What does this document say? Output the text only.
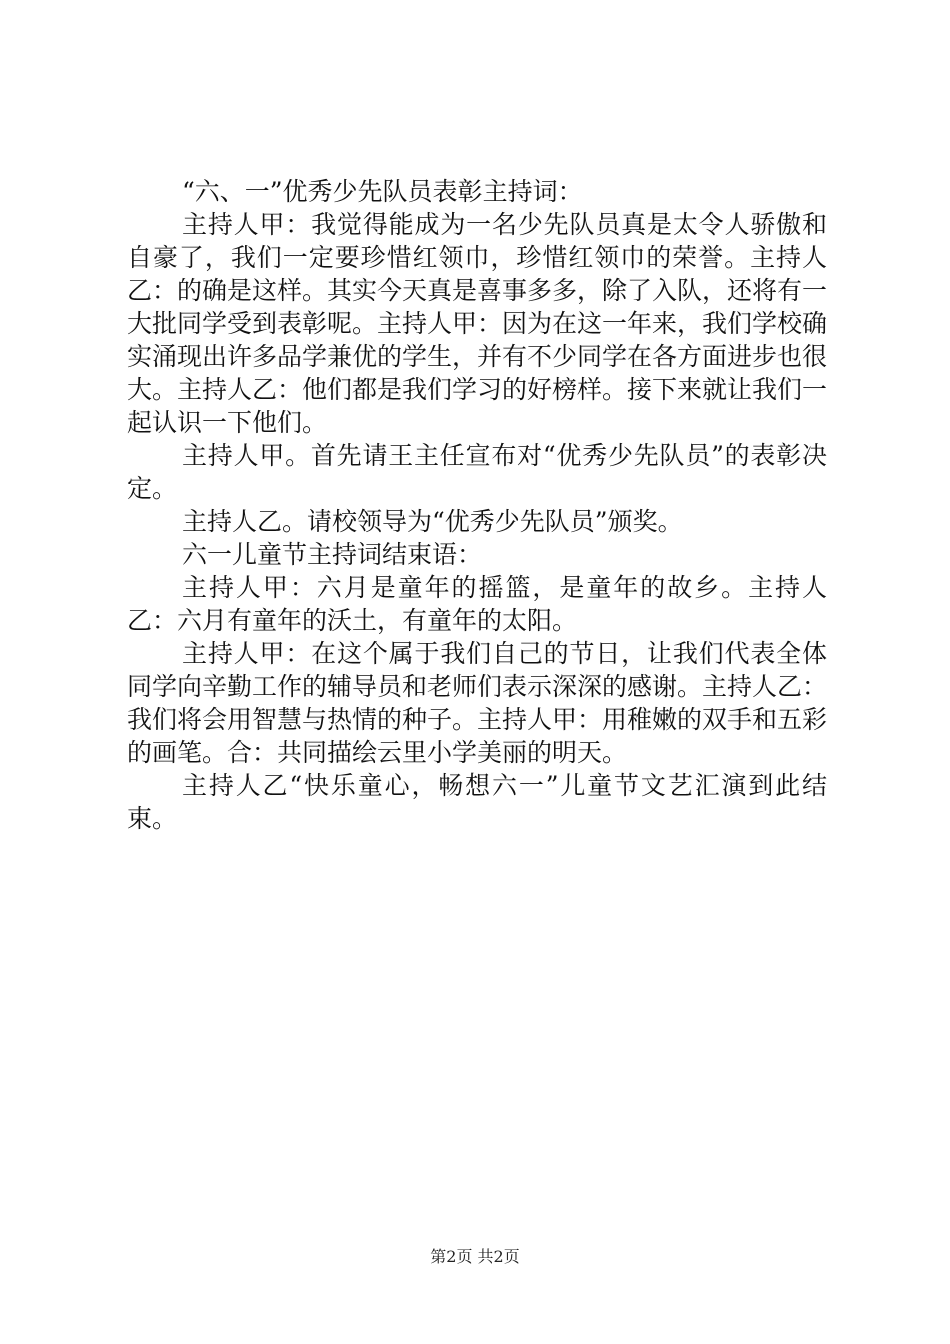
“六、一”优秀少先队员表彰主持词：

主持人甲：我觉得能成为一名少先队员真是太令人骄傲和自豪了，我们一定要珍惜红领巾，珍惜红领巾的荣誉。主持人乙：的确是这样。其实今天真是喜事多多，除了入队，还将有一大批同学受到表彰呢。主持人甲：因为在这一年来，我们学校确实涌现出许多品学兼优的学生，并有不少同学在各方面进步也很大。主持人乙：他们都是我们学习的好榜样。接下来就让我们一起认识一下他们。

主持人甲。首先请王主任宣布对“优秀少先队员”的表彰决定。

主持人乙。请校领导为“优秀少先队员”颁奖。

六一儿童节主持词结束语：

主持人甲：六月是童年的摇篮，是童年的故乡。主持人乙：六月有童年的沃土，有童年的太阳。

主持人甲：在这个属于我们自己的节日，让我们代表全体同学向辛勤工作的辅导员和老师们表示深深的感谢。主持人乙：我们将会用智慧与热情的种子。主持人甲：用稚嫩的双手和五彩的画笔。合：共同描绘云里小学美丽的明天。

主持人乙“快乐童心，畅想六一”儿童节文艺汇演到此结束。

第2页 共2页
